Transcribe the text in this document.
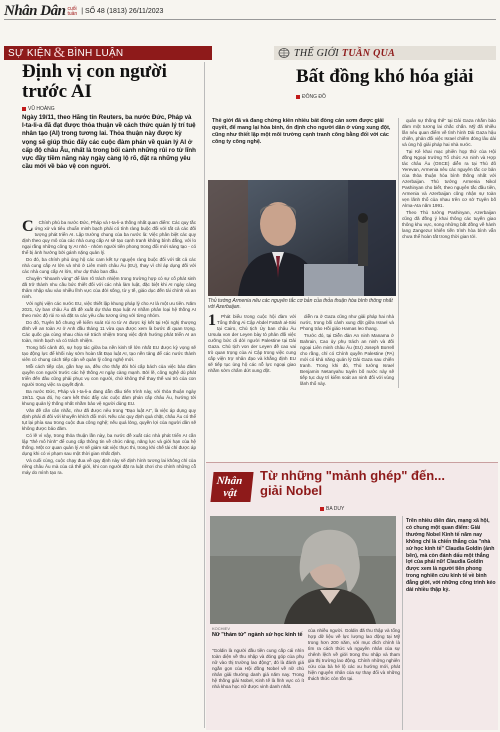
Nhân Dân cuối
tuần | SỐ 48 (1813) 26/11/2023
SỰ KIỆN & BÌNH LUẬN	THẾ GIỚI TUẦN QUA
Định vị con người trước AI
VŨ HOÀNG
Ngày 19/11, theo Hãng tin Reuters, ba nước Đức, Pháp và I-ta-li-a đã đạt được thỏa thuận về cách thức quản lý trí tuệ nhân tạo (AI) trong tương lai. Thỏa thuận này được kỳ vọng sẽ giúp thúc đẩy các cuộc đàm phán về quản lý AI ở cấp độ châu Âu, nhất là trong bối cảnh những rủi ro từ lĩnh vực đầy tiềm năng này ngày càng lộ rõ, đặt ra những yêu cầu mới về bảo vệ con người.
C	Chính phủ ba nước Đức, Pháp và I-ta-li-a thống nhất quan điểm: Các quy tắc ứng xử và tiêu chuẩn minh bạch phải có tính ràng buộc đối với tất cả các đối tượng phát triển AI. Lập trường chung của ba nước là: Việc phân biệt các quy định theo quy mô của các nhà cung cấp AI sẽ tạo cạnh tranh không bình đẳng, với lo ngại rằng những công ty AI nhỏ - nhóm người tiên phong trong đổi mới sáng tạo - có thể bị ảnh hưởng bởi gánh nặng quản lý.

Do đó, ba chính phủ ủng hộ các cam kết tự nguyện ràng buộc đối với tất cả các nhà cung cấp AI lớn và nhỏ ở Liên minh châu Âu (EU), thay vì chỉ áp dụng đối với các nhà cung cấp AI lớn, như dự thảo ban đầu.

Chuyện "khoanh vùng" để làm rõ trách nhiệm trong trường hợp có sự cố phát sinh đã trở thành nhu cầu bức thiết đối với các nhà làm luật, đặc biệt khi AI ngày càng thâm nhập sâu vào nhiều lĩnh vực của đời sống, từ y tế, giáo dục đến tài chính và an ninh.

Với nghị viện các nước EU, việc thiết lập khung pháp lý cho AI là một ưu tiên. Năm 2021, Ủy ban châu Âu đã đề xuất dự thảo Đạo luật AI nhằm phân loại hệ thống AI theo mức độ rủi ro và đặt ra các yêu cầu tương ứng với từng nhóm.

Do đó, Tuyên bố chung về kiểm soát rủi ro từ AI được ký kết tại Hội nghị thượng đỉnh về an toàn AI ở Anh đầu tháng 11 vừa qua được xem là bước đi quan trọng. Các quốc gia cùng nhau chia sẻ trách nhiệm trong việc định hướng phát triển AI an toàn, minh bạch và có trách nhiệm.

Trong bối cảnh đó, sự hợp tác giữa ba nền kinh tế lớn nhất EU được kỳ vọng sẽ tạo động lực để khối này sớm hoàn tất Đạo luật AI, tạo nền tảng để các nước thành viên có chung cách tiếp cận về quản lý công nghệ mới.

Mỗi cách tiếp cận, gần hay xa, đều cho thấy đòi hỏi cấp bách của việc bảo đảm quyền con người trước các hệ thống AI ngày càng mạnh. Bởi lẽ, công nghệ dù phát triển đến đâu cũng phải phục vụ con người, chứ không thể thay thế vai trò của con người trong việc ra quyết định.

Ba nước Đức, Pháp và I-ta-li-a đang dẫn đầu tiến trình này, với thỏa thuận ngày 19/11. Qua đó, họ cam kết thúc đẩy các cuộc đàm phán cấp châu Âu, hướng tới khung quản lý thống nhất nhằm bảo vệ người dùng EU.

Văn đề cần cân nhắc, như đã được nêu trong "Đạo luật AI", là việc áp dụng quy định phải đi đôi với khuyến khích đổi mới. Nếu các quy định quá chặt, châu Âu có thể tụt lại phía sau trong cuộc đua công nghệ; nếu quá lỏng, quyền lợi của người dân sẽ không được bảo đảm.

Có lẽ vì vậy, trong thỏa thuận lần này, ba nước đề xuất các nhà phát triển AI cần lập "thẻ mô hình" để cung cấp thông tin về chức năng, năng lực và giới hạn của hệ thống. Một cơ quan quản lý AI sẽ giám sát việc thực thi, trong khi chế tài chỉ được áp dụng khi có vi phạm sau một thời gian nhất định.

Và cuối cùng, cuộc chạy đua về quy định này sẽ định hình tương lai không chỉ của riêng châu Âu mà của cả thế giới, khi con người đặt ra luật chơi cho chính những cỗ máy do mình tạo ra.

Bất đồng khó hóa giải
ĐÔNG ĐỒ
Thế giới đã và đang chứng kiến nhiều bất đồng cản sơm được giải quyết, để mang lại hòa bình, ổn định cho người dân ở vùng xung đột, cũng như thiết lập một môi trường cạnh tranh công bằng đối với các công ty công nghệ.
Thủ tướng Armenia nêu các nguyên tắc cơ bản của thỏa thuận hòa bình thông nhất với Azerbaijan.
1	Phát biểu trong cuộc hội đàm với Tổng thống Ai Cập Abdel Fattah al-Sisi tại Cairo, Chủ tịch Ủy ban châu Âu Ursula von der Leyen bày tỏ phản đối việc cưỡng bức di dời người Palestine tại Dải Gaza. Chủ tịch von der Leyen đề cao vai trò quan trọng của Ai Cập trong việc cung cấp viện trợ nhân đạo và khẳng định EU sẽ tiếp tục ủng hộ các nỗ lực ngoại giao nhằm sớm chấm dứt xung đột.

diễn ra ở Gaza cũng như giải pháp hai nhà nước, trong bối cảnh xung đột giữa Israel và Phong trào Hồi giáo Hamas leo thang.

Trước đó, tại Diễn đàn An ninh Manama ở Bahrain, Cao ủy phụ trách an ninh và đối ngoại Liên minh châu Âu (EU) Joseph Borrell cho rằng, chỉ có Chính quyền Palestine (PA) mới có khả năng quản lý Dải Gaza sau chiến tranh. Trong khi đó, Thủ tướng Israel Benjamin Netanyahu tuyên bố nước này sẽ tiếp tục duy trì kiểm soát an ninh đối với vùng lãnh thổ này.

quân sự thống thế" tại Dải Gaza nhằm bảo đảm một tương lai chắc chắn. Mỹ đã nhiều lần nêu quan điểm về tình hình Dải Gaza hậu chiến, phản đối việc Israel chiếm đóng lâu dài và ủng hộ giải pháp hai nhà nước.

Tại Kê khai mạc phiên họp thứ của Hội đồng Ngoại trưởng Tổ chức An ninh và Hợp tác châu Âu (OSCE) diễn ra tại Thủ đô Yerevan, Armenia nêu các nguyên tắc cơ bản của thỏa thuận hòa bình thống nhất với Azerbaijan. Thủ tướng Armenia Nikol Pashinyan cho biết, theo nguyên tắc đầu tiên, Armenia và Azerbaijan công nhận sự toàn vẹn lãnh thổ của nhau trên cơ sở Tuyên bố Alma-Ata năm 1991.

Theo Thủ tướng Pashinyan, Azerbaijan cũng đã đồng ý khai thông các tuyến giao thông khu vực, song những bất đồng về hành lang Zangezur khiến tiến trình hòa bình vẫn chưa thể hoàn tất trong thời gian tới.

Nhân
vật
Từ những "mảnh ghép" đến... giải Nobel
BA DUY
KOCHIEV
Nữ "thám tử" ngành sử học kinh tế
"Goldin là người đầu tiên cung cấp cái nhìn toàn diện về thu nhập và đóng góp của phụ nữ vào thị trường lao động", đó là đánh giá ngắn gọn của Hội đồng Nobel về nữ chủ nhân giải thưởng danh giá năm nay. Trong hệ thống giải Nobel, Kinh tế là lĩnh vực có ít nhà khoa học nữ được vinh danh nhất.
của nhiều người. Goldin đã thu thập và tổng hợp dữ liệu về lực lượng lao động tại Mỹ trong hơn 200 năm, với mục đích chính là tìm ra cách thức và nguyên nhân của sự chênh lệch về giới trong thu nhập và tham gia thị trường lao động. Chính những nghiên cứu của bà hé lộ các xu hướng mới, phát hiện nguyên nhân của sự thay đổi và những thách thức còn tồn tại.
Trên nhiều diễn đàn, mạng xã hội, có chung một quan điểm: Giải thưởng Nobel Kinh tế năm nay không chỉ là chiến thắng của "nhà sử học kinh tế" Claudia Goldin (ảnh bên), mà còn đánh dấu một thắng lợi của phái nữ! Claudia Goldin được xem là người tiên phong trong nghiên cứu kinh tế về bình đẳng giới, với những công trình kéo dài nhiều thập kỷ.
